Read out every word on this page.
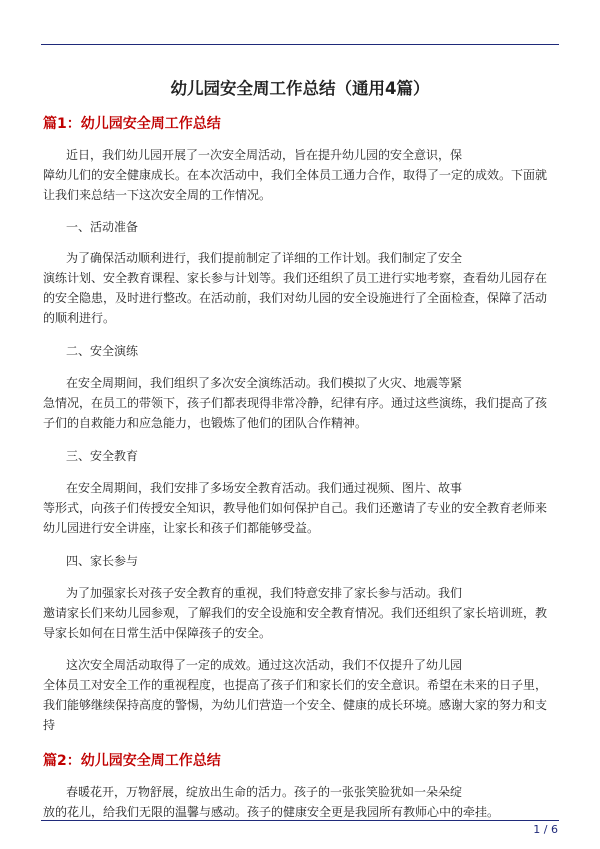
幼儿园安全周工作总结（通用4篇）
篇1：幼儿园安全周工作总结

近日，我们幼儿园开展了一次安全周活动，旨在提升幼儿园的安全意识，保
障幼儿们的安全健康成长。在本次活动中，我们全体员工通力合作，取得了一定的成效。下面就
让我们来总结一下这次安全周的工作情况。

一、活动准备

为了确保活动顺利进行，我们提前制定了详细的工作计划。我们制定了安全
演练计划、安全教育课程、家长参与计划等。我们还组织了员工进行实地考察，查看幼儿园存在
的安全隐患，及时进行整改。在活动前，我们对幼儿园的安全设施进行了全面检查，保障了活动
的顺利进行。

二、安全演练

在安全周期间，我们组织了多次安全演练活动。我们模拟了火灾、地震等紧
急情况，在员工的带领下，孩子们都表现得非常冷静，纪律有序。通过这些演练，我们提高了孩
子们的自救能力和应急能力，也锻炼了他们的团队合作精神。

三、安全教育

在安全周期间，我们安排了多场安全教育活动。我们通过视频、图片、故事
等形式，向孩子们传授安全知识，教导他们如何保护自己。我们还邀请了专业的安全教育老师来
幼儿园进行安全讲座，让家长和孩子们都能够受益。

四、家长参与

为了加强家长对孩子安全教育的重视，我们特意安排了家长参与活动。我们
邀请家长们来幼儿园参观，了解我们的安全设施和安全教育情况。我们还组织了家长培训班，教
导家长如何在日常生活中保障孩子的安全。

这次安全周活动取得了一定的成效。通过这次活动，我们不仅提升了幼儿园
全体员工对安全工作的重视程度，也提高了孩子们和家长们的安全意识。希望在未来的日子里，
我们能够继续保持高度的警惕，为幼儿们营造一个安全、健康的成长环境。感谢大家的努力和支
持

篇2：幼儿园安全周工作总结

春暖花开，万物舒展，绽放出生命的活力。孩子的一张张笑脸犹如一朵朵绽
放的花儿，给我们无限的温馨与感动。孩子的健康安全更是我园所有教师心中的牵挂。

1 / 6
